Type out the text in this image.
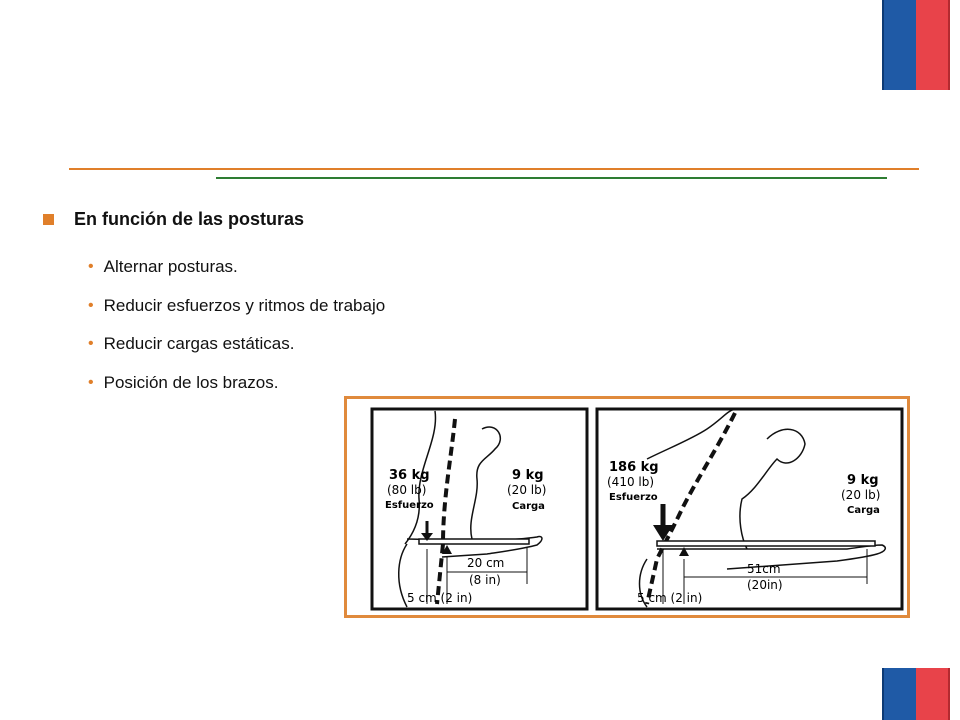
En función de las posturas
• Alternar posturas.
• Reducir esfuerzos y ritmos de trabajo
• Reducir cargas estáticas.
• Posición de los brazos.
36 kg
(80 lb)
Esfuerzo
9 kg
(20 lb)
Carga
20 cm
(8 in)
5 cm (2 in)
186 kg
(410 lb)
Esfuerzo
9 kg
(20 lb)
Carga
51cm
(20in)
5 cm (2 in)
